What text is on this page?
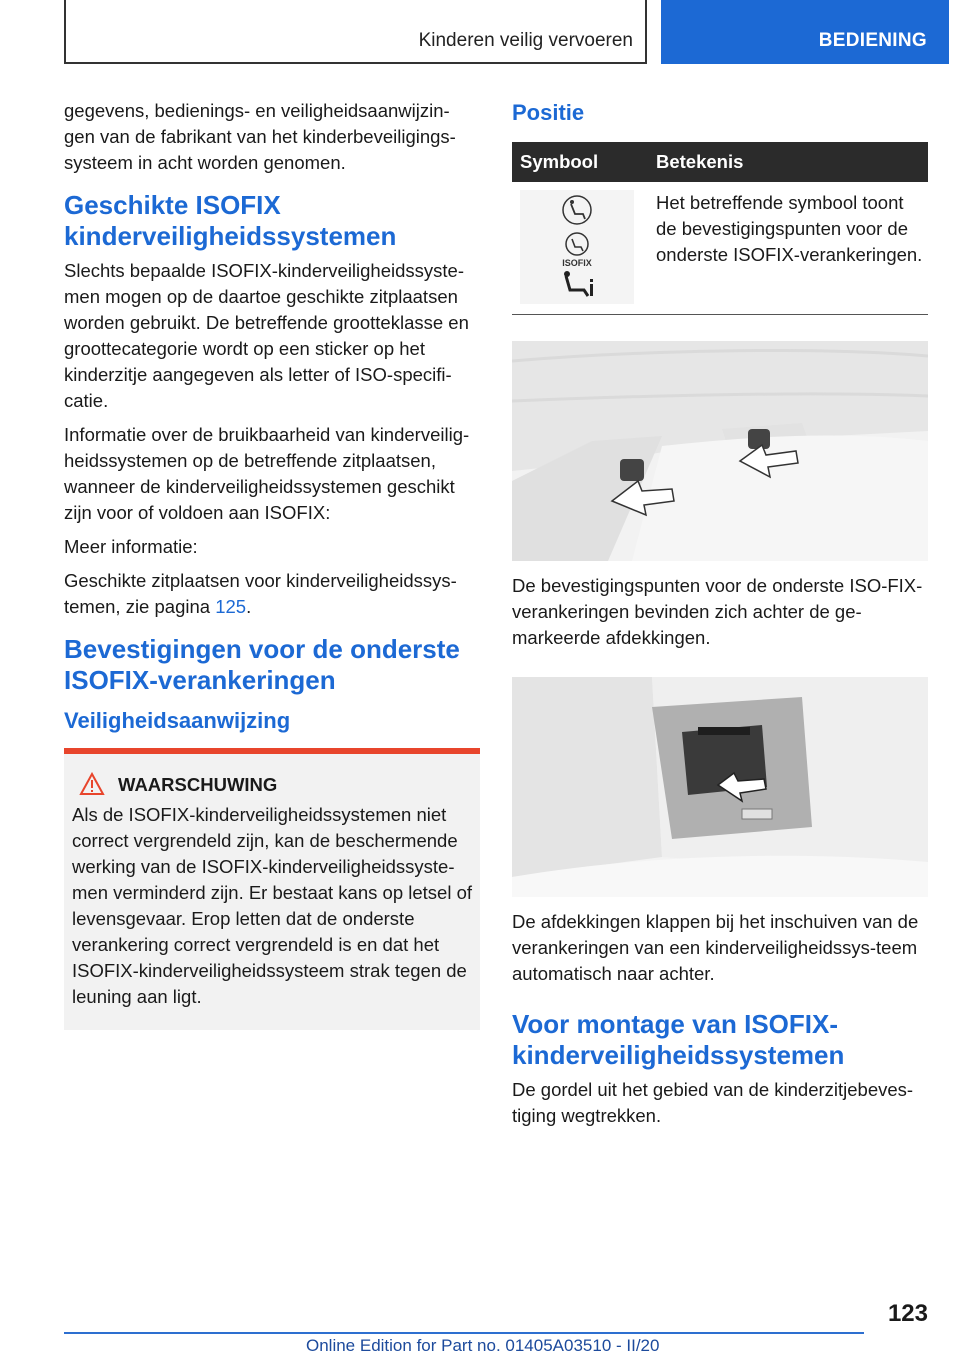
Kinderen veilig vervoeren	BEDIENING

gegevens, bedienings- en veiligheidsaanwijzin-gen van de fabrikant van het kinderbeveiligings-systeem in acht worden genomen.

Geschikte ISOFIX kinderveiligheidssystemen

Slechts bepaalde ISOFIX-kinderveiligheidssyste-men mogen op de daartoe geschikte zitplaatsen worden gebruikt. De betreffende grootteklasse en groottecategorie wordt op een sticker op het kinderzitje aangegeven als letter of ISO-specifi-catie.

Informatie over de bruikbaarheid van kinderveilig-heidssystemen op de betreffende zitplaatsen, wanneer de kinderveiligheidssystemen geschikt zijn voor of voldoen aan ISOFIX:

Meer informatie:

Geschikte zitplaatsen voor kinderveiligheidssys-temen, zie pagina 125.

Bevestigingen voor de onderste ISOFIX-verankeringen
Veiligheidsaanwijzing
WAARSCHUWING

Als de ISOFIX-kinderveiligheidssystemen niet correct vergrendeld zijn, kan de beschermende werking van de ISOFIX-kinderveiligheidssyste-men verminderd zijn. Er bestaat kans op letsel of levensgevaar. Erop letten dat de onderste verankering correct vergrendeld is en dat het ISOFIX-kinderveiligheidssysteem strak tegen de leuning aan ligt.

Positie
Symbool	Betekenis

ISOFIX	Het betreffende symbool toont de bevestigingspunten voor de onderste ISOFIX-verankeringen.

De bevestigingspunten voor de onderste ISO-FIX-verankeringen bevinden zich achter de ge-markeerde afdekkingen.

De afdekkingen klappen bij het inschuiven van de verankeringen van een kinderveiligheidssys-teem automatisch naar achter.

Voor montage van ISOFIX-kinderveiligheidssystemen

De gordel uit het gebied van de kinderzitjebeves-tiging wegtrekken.

123
Online Edition for Part no. 01405A03510 - II/20
